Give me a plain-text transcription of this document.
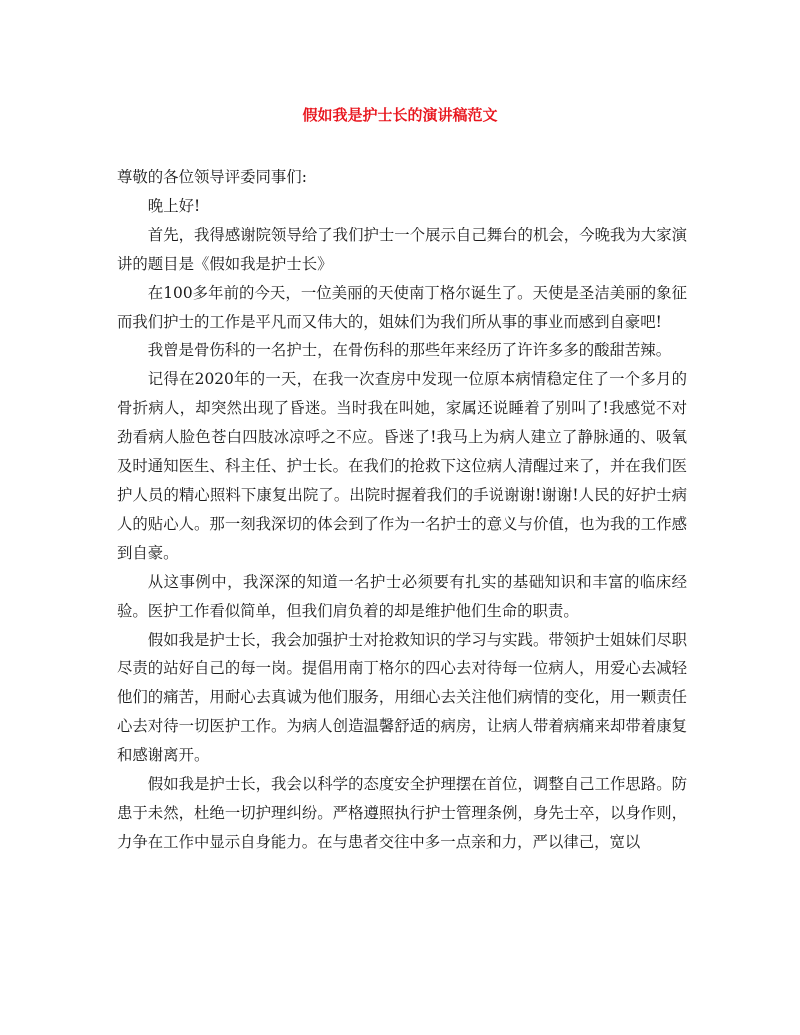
假如我是护士长的演讲稿范文

尊敬的各位领导评委同事们:

晚上好!

首先，我得感谢院领导给了我们护士一个展示自己舞台的机会，今晚我为大家演讲的题目是《假如我是护士长》

在100多年前的今天，一位美丽的天使南丁格尔诞生了。天使是圣洁美丽的象征而我们护士的工作是平凡而又伟大的，姐妹们为我们所从事的事业而感到自豪吧!

我曾是骨伤科的一名护士，在骨伤科的那些年来经历了许许多多的酸甜苦辣。

记得在2020年的一天，在我一次查房中发现一位原本病情稳定住了一个多月的骨折病人，却突然出现了昏迷。当时我在叫她，家属还说睡着了别叫了!我感觉不对劲看病人脸色苍白四肢冰凉呼之不应。昏迷了!我马上为病人建立了静脉通的、吸氧及时通知医生、科主任、护士长。在我们的抢救下这位病人清醒过来了，并在我们医护人员的精心照料下康复出院了。出院时握着我们的手说谢谢!谢谢!人民的好护士病人的贴心人。那一刻我深切的体会到了作为一名护士的意义与价值，也为我的工作感到自豪。

从这事例中，我深深的知道一名护士必须要有扎实的基础知识和丰富的临床经验。医护工作看似简单，但我们肩负着的却是维护他们生命的职责。

假如我是护士长，我会加强护士对抢救知识的学习与实践。带领护士姐妹们尽职尽责的站好自己的每一岗。提倡用南丁格尔的四心去对待每一位病人，用爱心去减轻他们的痛苦，用耐心去真诚为他们服务，用细心去关注他们病情的变化，用一颗责任心去对待一切医护工作。为病人创造温馨舒适的病房，让病人带着病痛来却带着康复和感谢离开。

假如我是护士长，我会以科学的态度安全护理摆在首位，调整自己工作思路。防患于未然，杜绝一切护理纠纷。严格遵照执行护士管理条例，身先士卒，以身作则，力争在工作中显示自身能力。在与患者交往中多一点亲和力，严以律己，宽以
